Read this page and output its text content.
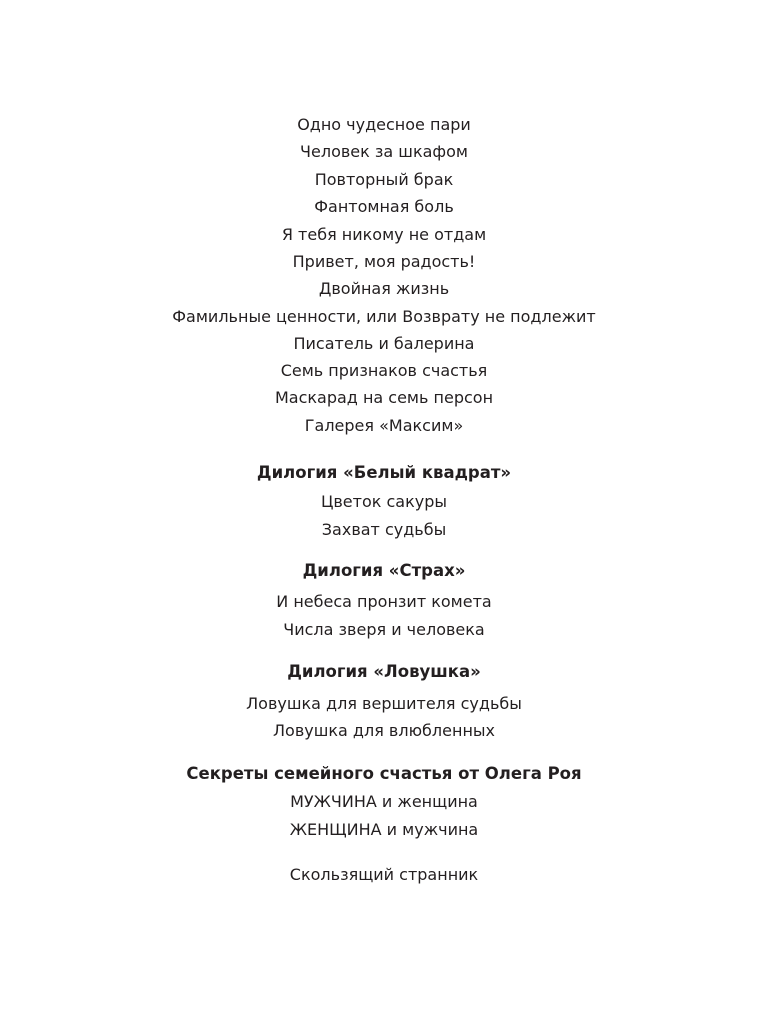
Одно чудесное пари
Человек за шкафом
Повторный брак
Фантомная боль
Я тебя никому не отдам
Привет, моя радость!
Двойная жизнь
Фамильные ценности, или Возврату не подлежит
Писатель и балерина
Семь признаков счастья
Маскарад на семь персон
Галерея «Максим»
Дилогия «Белый квадрат»
Цветок сакуры
Захват судьбы
Дилогия «Страх»
И небеса пронзит комета
Числа зверя и человека
Дилогия «Ловушка»
Ловушка для вершителя судьбы
Ловушка для влюбленных
Секреты семейного счастья от Олега Роя
МУЖЧИНА и женщина
ЖЕНЩИНА и мужчина
Скользящий странник
